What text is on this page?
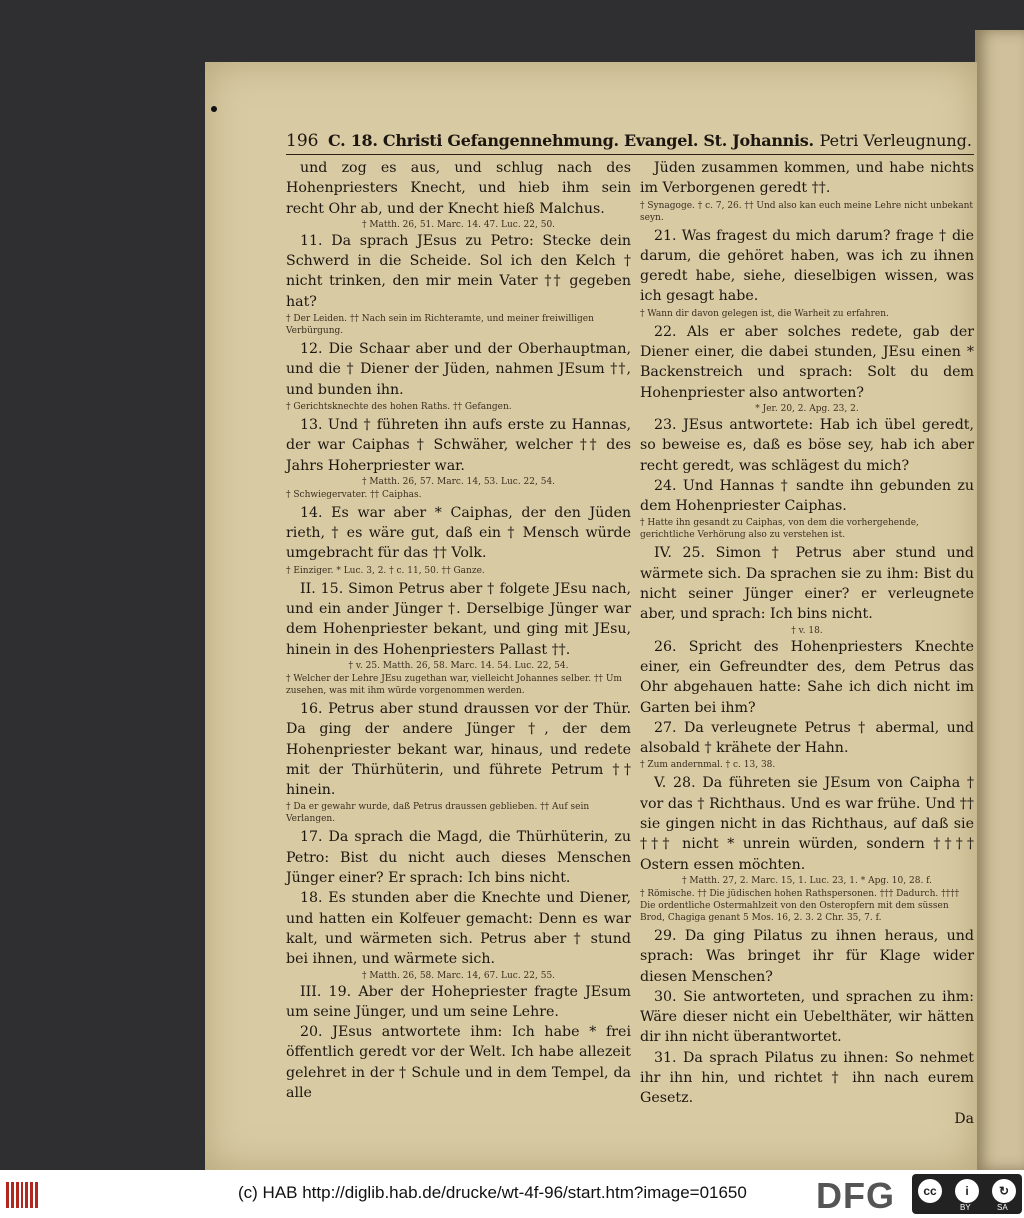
196 C. 18. Christi Gefangennehmung. Evangel. St. Johannis. Petri Verleugnung.

und zog es aus, und schlug nach des Hohenpriesters Knecht, und hieb ihm sein recht Ohr ab, und der Knecht hieß Malchus.

† Matth. 26, 51. Marc. 14. 47. Luc. 22, 50.

11. Da sprach JEsus zu Petro: Stecke dein Schwerd in die Scheide. Sol ich den Kelch † nicht trinken, den mir mein Vater †† gegeben hat?

† Der Leiden. †† Nach sein im Richteramte, und meiner freiwilligen Verbürgung.

12. Die Schaar aber und der Oberhauptman, und die † Diener der Jüden, nahmen JEsum ††, und bunden ihn.

† Gerichtsknechte des hohen Raths. †† Gefangen.

13. Und † führeten ihn aufs erste zu Hannas, der war Caiphas † Schwäher, welcher †† des Jahrs Hoherpriester war.

† Matth. 26, 57. Marc. 14, 53. Luc. 22, 54.

† Schwiegervater. †† Caiphas.

14. Es war aber * Caiphas, der den Jüden rieth, † es wäre gut, daß ein † Mensch würde umgebracht für das †† Volk.

† Einziger. * Luc. 3, 2. † c. 11, 50. †† Ganze.

II. 15. Simon Petrus aber † folgete JEsu nach, und ein ander Jünger †. Derselbige Jünger war dem Hohenpriester bekant, und ging mit JEsu, hinein in des Hohenpriesters Pallast ††.

† v. 25. Matth. 26, 58. Marc. 14. 54. Luc. 22, 54.

† Welcher der Lehre JEsu zugethan war, vielleicht Johannes selber. †† Um zusehen, was mit ihm würde vorgenommen werden.

16. Petrus aber stund draussen vor der Thür. Da ging der andere Jünger †, der dem Hohenpriester bekant war, hinaus, und redete mit der Thürhüterin, und führete Petrum †† hinein.

† Da er gewahr wurde, daß Petrus draussen geblieben. †† Auf sein Verlangen.

17. Da sprach die Magd, die Thürhüterin, zu Petro: Bist du nicht auch dieses Menschen Jünger einer? Er sprach: Ich bins nicht.

18. Es stunden aber die Knechte und Diener, und hatten ein Kolfeuer gemacht: Denn es war kalt, und wärmeten sich. Petrus aber † stund bei ihnen, und wärmete sich.

† Matth. 26, 58. Marc. 14, 67. Luc. 22, 55.

III. 19. Aber der Hohepriester fragte JEsum um seine Jünger, und um seine Lehre.

20. JEsus antwortete ihm: Ich habe * frei öffentlich geredt vor der Welt. Ich habe allezeit gelehret in der † Schule und in dem Tempel, da alle

Jüden zusammen kommen, und habe nichts im Verborgenen geredt ††.

† Synagoge. † c. 7, 26. †† Und also kan euch meine Lehre nicht unbekant seyn.

21. Was fragest du mich darum? frage † die darum, die gehöret haben, was ich zu ihnen geredt habe, siehe, dieselbigen wissen, was ich gesagt habe.

† Wann dir davon gelegen ist, die Warheit zu erfahren.

22. Als er aber solches redete, gab der Diener einer, die dabei stunden, JEsu einen * Backenstreich und sprach: Solt du dem Hohenpriester also antworten?

* Jer. 20, 2. Apg. 23, 2.

23. JEsus antwortete: Hab ich übel geredt, so beweise es, daß es böse sey, hab ich aber recht geredt, was schlägest du mich?

24. Und Hannas † sandte ihn gebunden zu dem Hohenpriester Caiphas.

† Hatte ihn gesandt zu Caiphas, von dem die vorhergehende, gerichtliche Verhörung also zu verstehen ist.

IV. 25. Simon † Petrus aber stund und wärmete sich. Da sprachen sie zu ihm: Bist du nicht seiner Jünger einer? er verleugnete aber, und sprach: Ich bins nicht.

† v. 18.

26. Spricht des Hohenpriesters Knechte einer, ein Gefreundter des, dem Petrus das Ohr abgehauen hatte: Sahe ich dich nicht im Garten bei ihm?

27. Da verleugnete Petrus † abermal, und alsobald † krähete der Hahn.

† Zum andernmal. † c. 13, 38.

V. 28. Da führeten sie JEsum von Caipha † vor das † Richthaus. Und es war frühe. Und †† sie gingen nicht in das Richthaus, auf daß sie ††† nicht * unrein würden, sondern †††† Ostern essen möchten.

† Matth. 27, 2. Marc. 15, 1. Luc. 23, 1. * Apg. 10, 28. f.

† Römische. †† Die jüdischen hohen Rathspersonen. ††† Dadurch. †††† Die ordentliche Ostermahlzeit von den Osteropfern mit dem süssen Brod, Chagiga genant 5 Mos. 16, 2. 3. 2 Chr. 35, 7. f.

29. Da ging Pilatus zu ihnen heraus, und sprach: Was bringet ihr für Klage wider diesen Menschen?

30. Sie antworteten, und sprachen zu ihm: Wäre dieser nicht ein Uebelthäter, wir hätten dir ihn nicht überantwortet.

31. Da sprach Pilatus zu ihnen: So nehmet ihr ihn hin, und richtet † ihn nach eurem Gesetz.

Da

(c) HAB http://diglib.hab.de/drucke/wt-4f-96/start.htm?image=01650 DFG	cc	i	↻
BY	SA
